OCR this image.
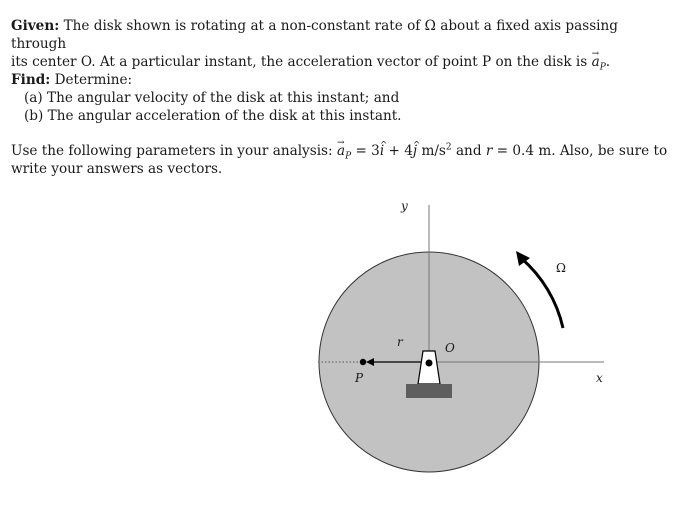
Given: The disk shown is rotating at a non-constant rate of Ω about a fixed axis passing through
its center O. At a particular instant, the acceleration vector of point P on the disk is → $a_P$.

Find: Determine:

(a) The angular velocity of the disk at this instant; and
(b) The angular acceleration of the disk at this instant.

Use the following parameters in your analysis: → $a_P$ = 3^ i + 4^ j $m/s^2$ and r = 0.4 m. Also, be sure to
write your answers as vectors.

y
x
Ω
r	O
P
